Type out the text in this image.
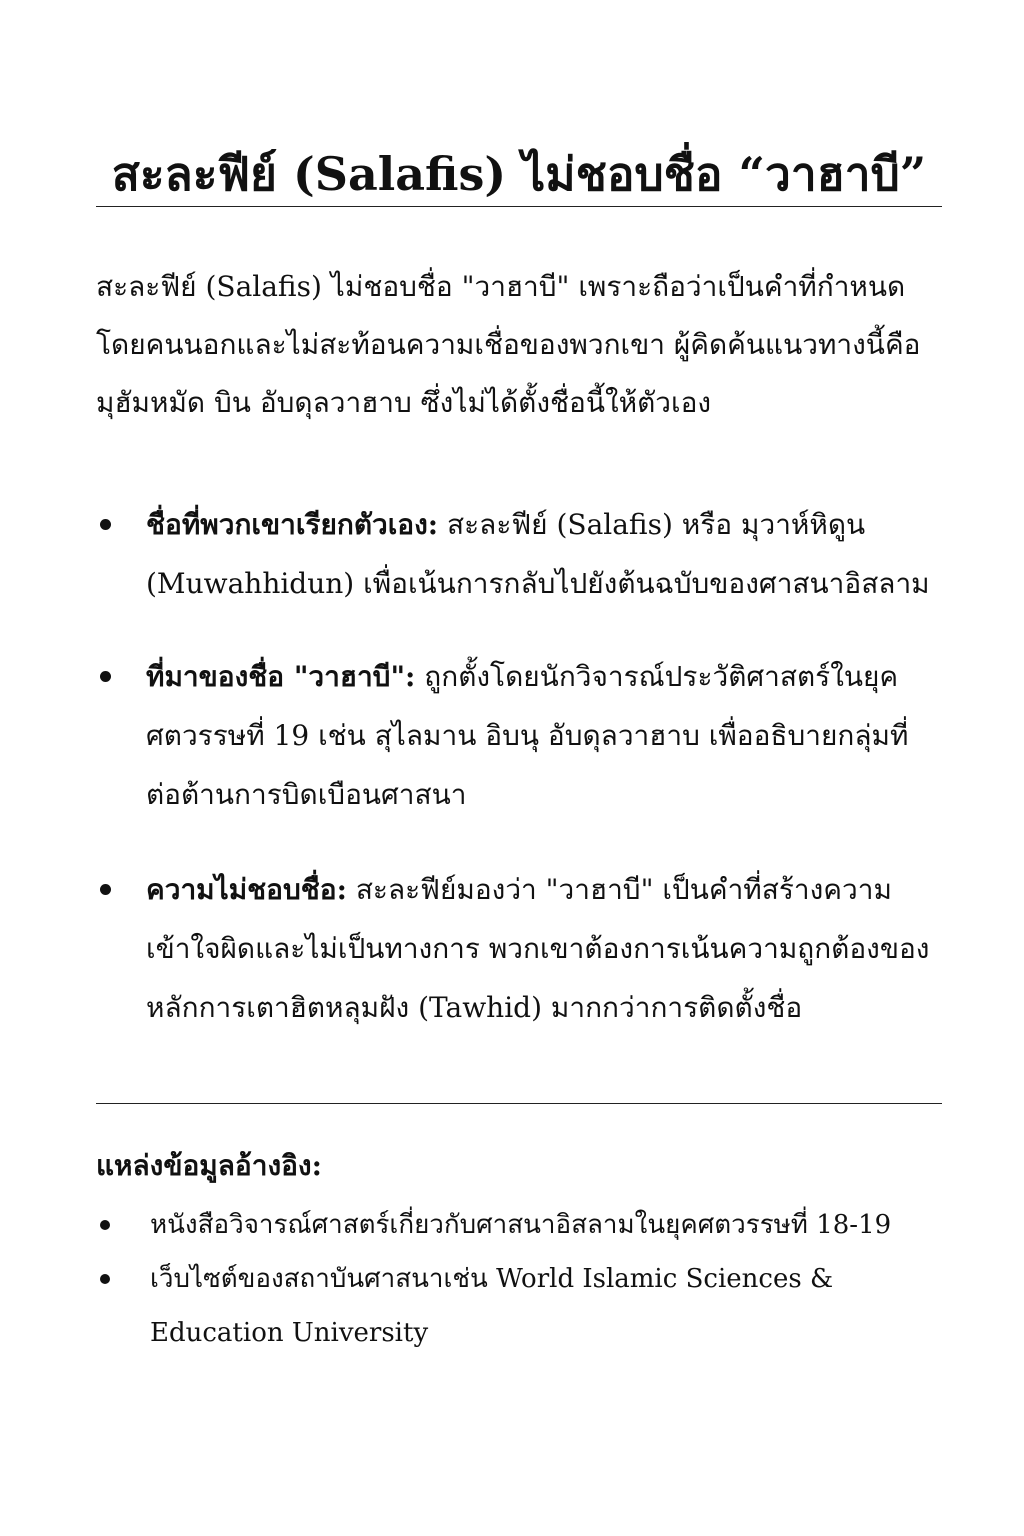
สะละฟีย์ (Salafis) ไม่ชอบชื่อ “วาฮาบี”

สะละฟีย์ (Salafis) ไม่ชอบชื่อ "วาฮาบี" เพราะถือว่าเป็นคำที่กำหนดโดยคนนอกและไม่สะท้อนความเชื่อของพวกเขา ผู้คิดค้นแนวทางนี้คือ มุฮัมหมัด บิน อับดุลวาฮาบ ซึ่งไม่ได้ตั้งชื่อนี้ให้ตัวเอง

ชื่อที่พวกเขาเรียกตัวเอง: สะละฟีย์ (Salafis) หรือ มุวาห์หิดูน (Muwahhidun) เพื่อเน้นการกลับไปยังต้นฉบับของศาสนาอิสลาม
ที่มาของชื่อ "วาฮาบี": ถูกตั้งโดยนักวิจารณ์ประวัติศาสตร์ในยุคศตวรรษที่ 19 เช่น สุไลมาน อิบนุ อับดุลวาฮาบ เพื่ออธิบายกลุ่มที่ต่อต้านการบิดเบือนศาสนา
ความไม่ชอบชื่อ: สะละฟีย์มองว่า "วาฮาบี" เป็นคำที่สร้างความเข้าใจผิดและไม่เป็นทางการ พวกเขาต้องการเน้นความถูกต้องของหลักการเตาฮิตหลุมฝัง (Tawhid) มากกว่าการติดตั้งชื่อ
แหล่งข้อมูลอ้างอิง:
หนังสือวิจารณ์ศาสตร์เกี่ยวกับศาสนาอิสลามในยุคศตวรรษที่ 18-19
เว็บไซต์ของสถาบันศาสนาเช่น World Islamic Sciences & Education University
